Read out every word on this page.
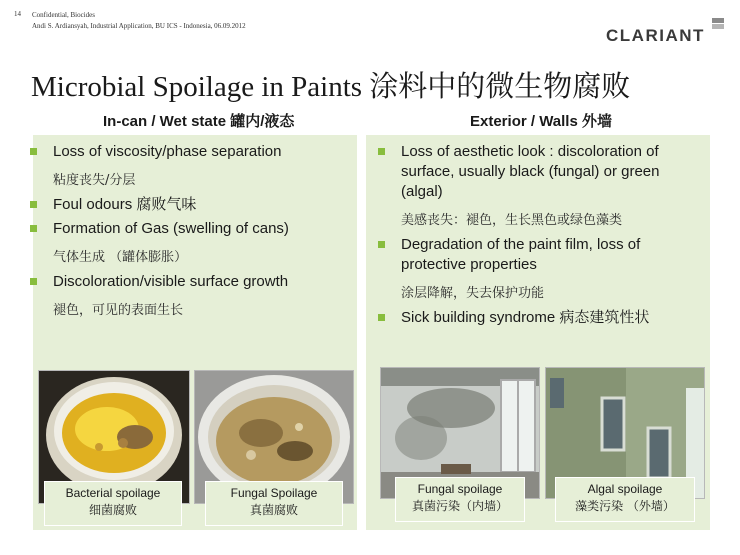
14 Confidential, Biocides
Andi S. Ardiansyah, Industrial Application, BU ICS - Indonesia, 06.09.2012	CLARIANT
Microbial Spoilage in Paints 涂料中的微生物腐败
In-can / Wet state 罐内/液态	Exterior / Walls 外墙
Loss of viscosity/phase separation
粘度丧失/分层
Foul odours 腐败气味
Formation of Gas (swelling of cans)
气体生成 （罐体膨胀）
Discoloration/visible surface growth
褪色，可见的表面生长
Loss of aesthetic look : discoloration of surface, usually black (fungal) or green (algal)
美感丧失：褪色，生长黑色或绿色藻类
Degradation of the paint film, loss of protective properties
涂层降解，失去保护功能
Sick building syndrome 病态建筑性状
Bacterial spoilage
细菌腐败
Fungal Spoilage
真菌腐败
Fungal spoilage
真菌污染（内墙）
Algal spoilage
藻类污染 （外墙）
